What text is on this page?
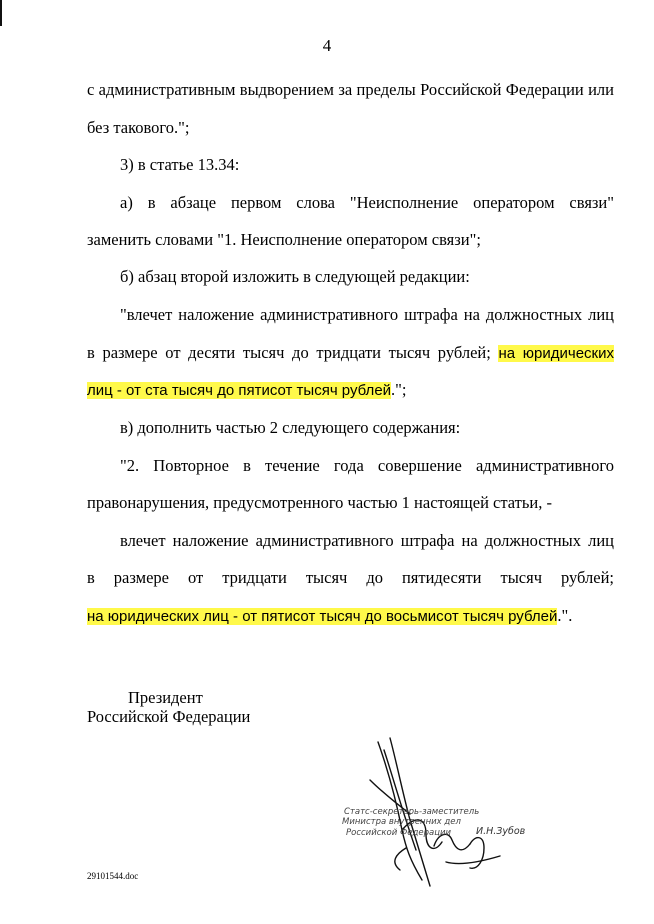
4
с административным выдворением за пределы Российской Федерации или
без такового.";
3) в статье 13.34:
а) в абзаце первом слова "Неисполнение оператором связи"
заменить словами "1. Неисполнение оператором связи";
б) абзац второй изложить в следующей редакции:
"влечет наложение административного штрафа на должностных лиц
в размере от десяти тысяч до тридцати тысяч рублей; на юридических
лиц - от ста тысяч до пятисот тысяч рублей.";
в) дополнить частью 2 следующего содержания:
"2. Повторное в течение года совершение административного
правонарушения, предусмотренного частью 1 настоящей статьи, -
влечет наложение административного штрафа на должностных лиц
в размере от тридцати тысяч до пятидесяти тысяч рублей;
на юридических лиц - от пятисот тысяч до восьмисот тысяч рублей.".
Президент
Российской Федерации
Статс-секретарь-заместитель
Министра внутренних дел
Российской Федерации	И.Н.Зубов
29101544.doc
